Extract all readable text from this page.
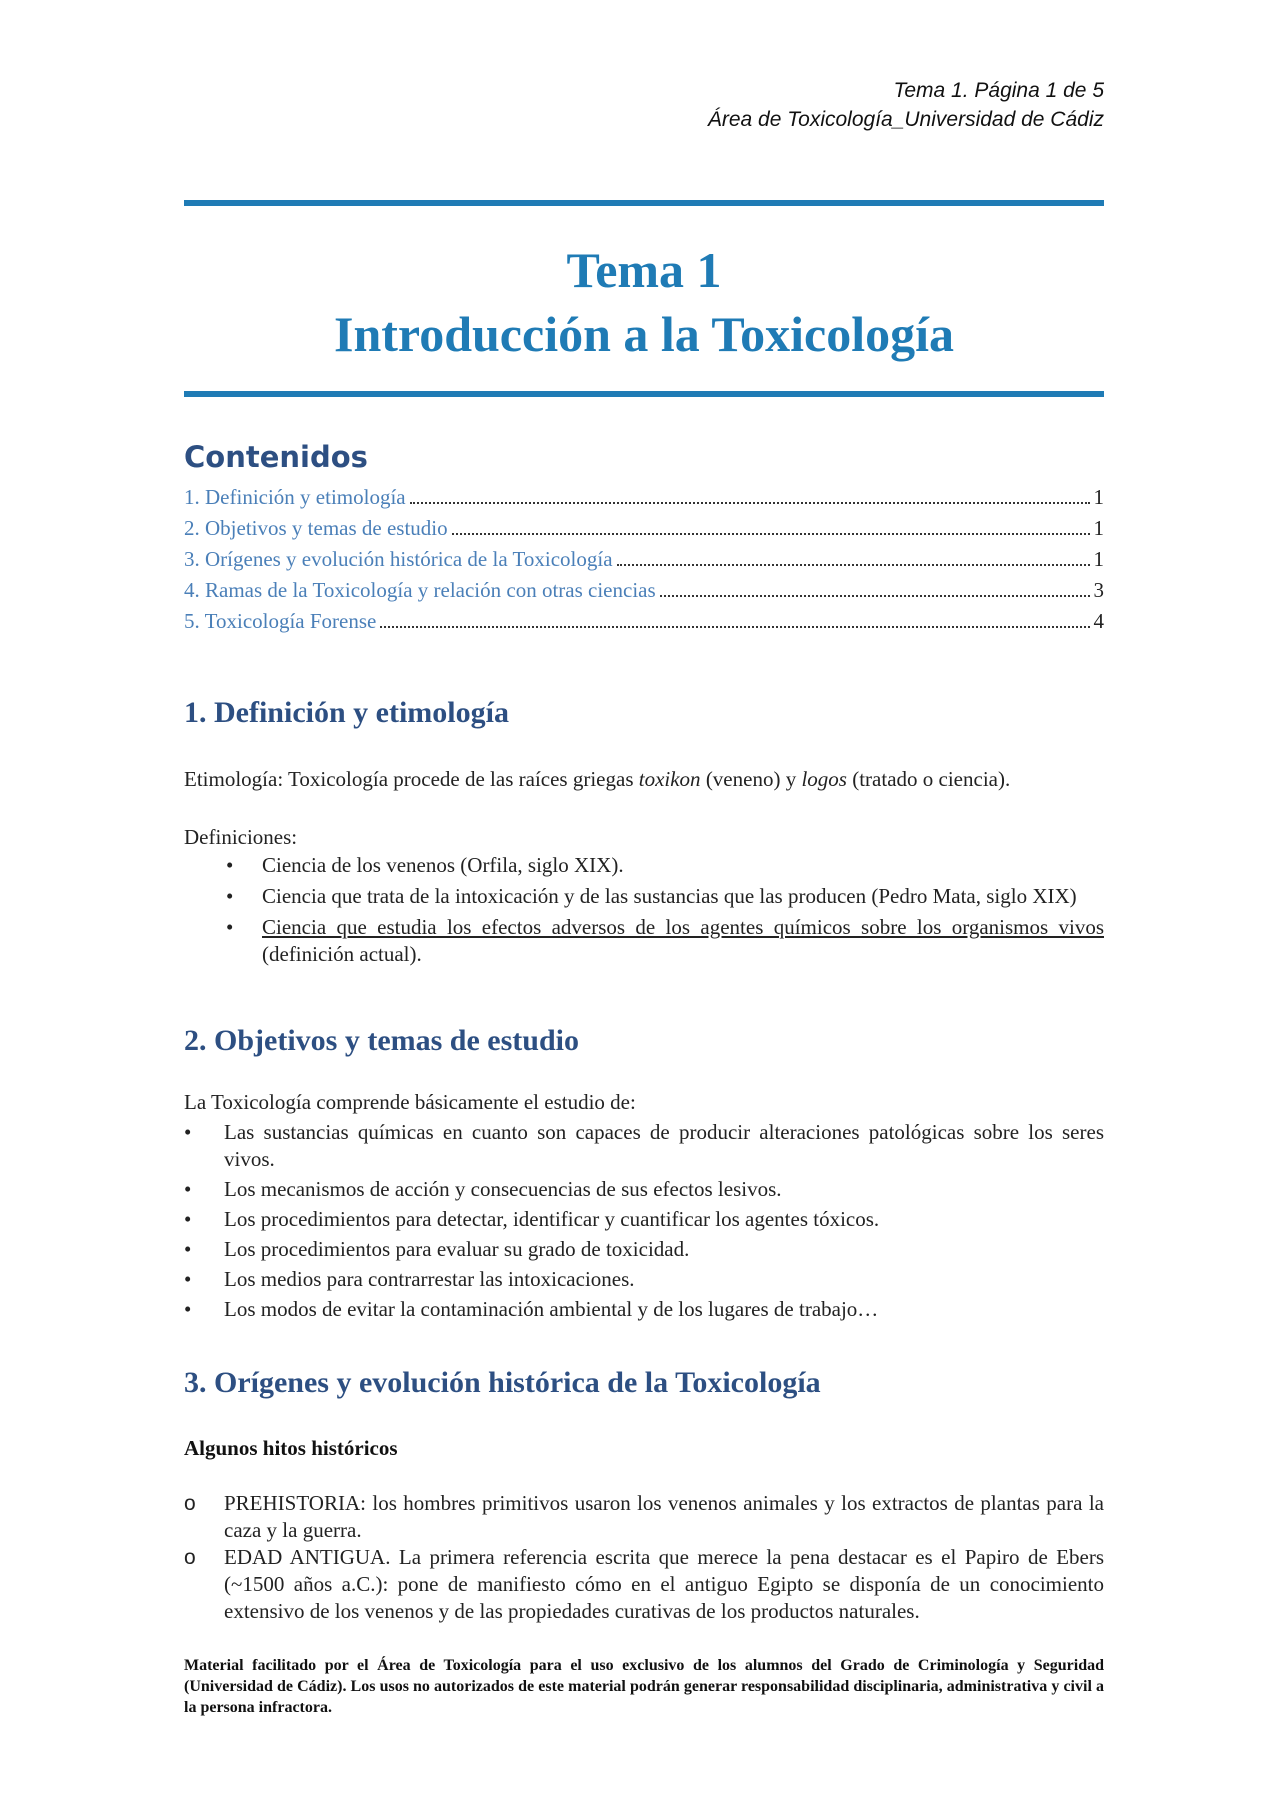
Tema 1. Página 1 de 5
Área de Toxicología_Universidad de Cádiz
Tema 1
Introducción a la Toxicología
Contenidos
1. Definición y etimología	1
2. Objetivos y temas de estudio	1
3. Orígenes y evolución histórica de la Toxicología	1
4. Ramas de la Toxicología y relación con otras ciencias	3
5. Toxicología Forense	4
1. Definición y etimología
Etimología: Toxicología procede de las raíces griegas toxikon (veneno) y logos (tratado o ciencia).
Definiciones:
• Ciencia de los venenos (Orfila, siglo XIX).
• Ciencia que trata de la intoxicación y de las sustancias que las producen (Pedro Mata, siglo XIX)
• Ciencia que estudia los efectos adversos de los agentes químicos sobre los organismos vivos (definición actual).
2. Objetivos y temas de estudio
La Toxicología comprende básicamente el estudio de:
• Las sustancias químicas en cuanto son capaces de producir alteraciones patológicas sobre los seres vivos.
• Los mecanismos de acción y consecuencias de sus efectos lesivos.
• Los procedimientos para detectar, identificar y cuantificar los agentes tóxicos.
• Los procedimientos para evaluar su grado de toxicidad.
• Los medios para contrarrestar las intoxicaciones.
• Los modos de evitar la contaminación ambiental y de los lugares de trabajo…
3. Orígenes y evolución histórica de la Toxicología
Algunos hitos históricos
o PREHISTORIA: los hombres primitivos usaron los venenos animales y los extractos de plantas para la caza y la guerra.
o EDAD ANTIGUA. La primera referencia escrita que merece la pena destacar es el Papiro de Ebers (~1500 años a.C.): pone de manifiesto cómo en el antiguo Egipto se disponía de un conocimiento extensivo de los venenos y de las propiedades curativas de los productos naturales.
Material facilitado por el Área de Toxicología para el uso exclusivo de los alumnos del Grado de Criminología y Seguridad (Universidad de Cádiz). Los usos no autorizados de este material podrán generar responsabilidad disciplinaria, administrativa y civil a la persona infractora.
